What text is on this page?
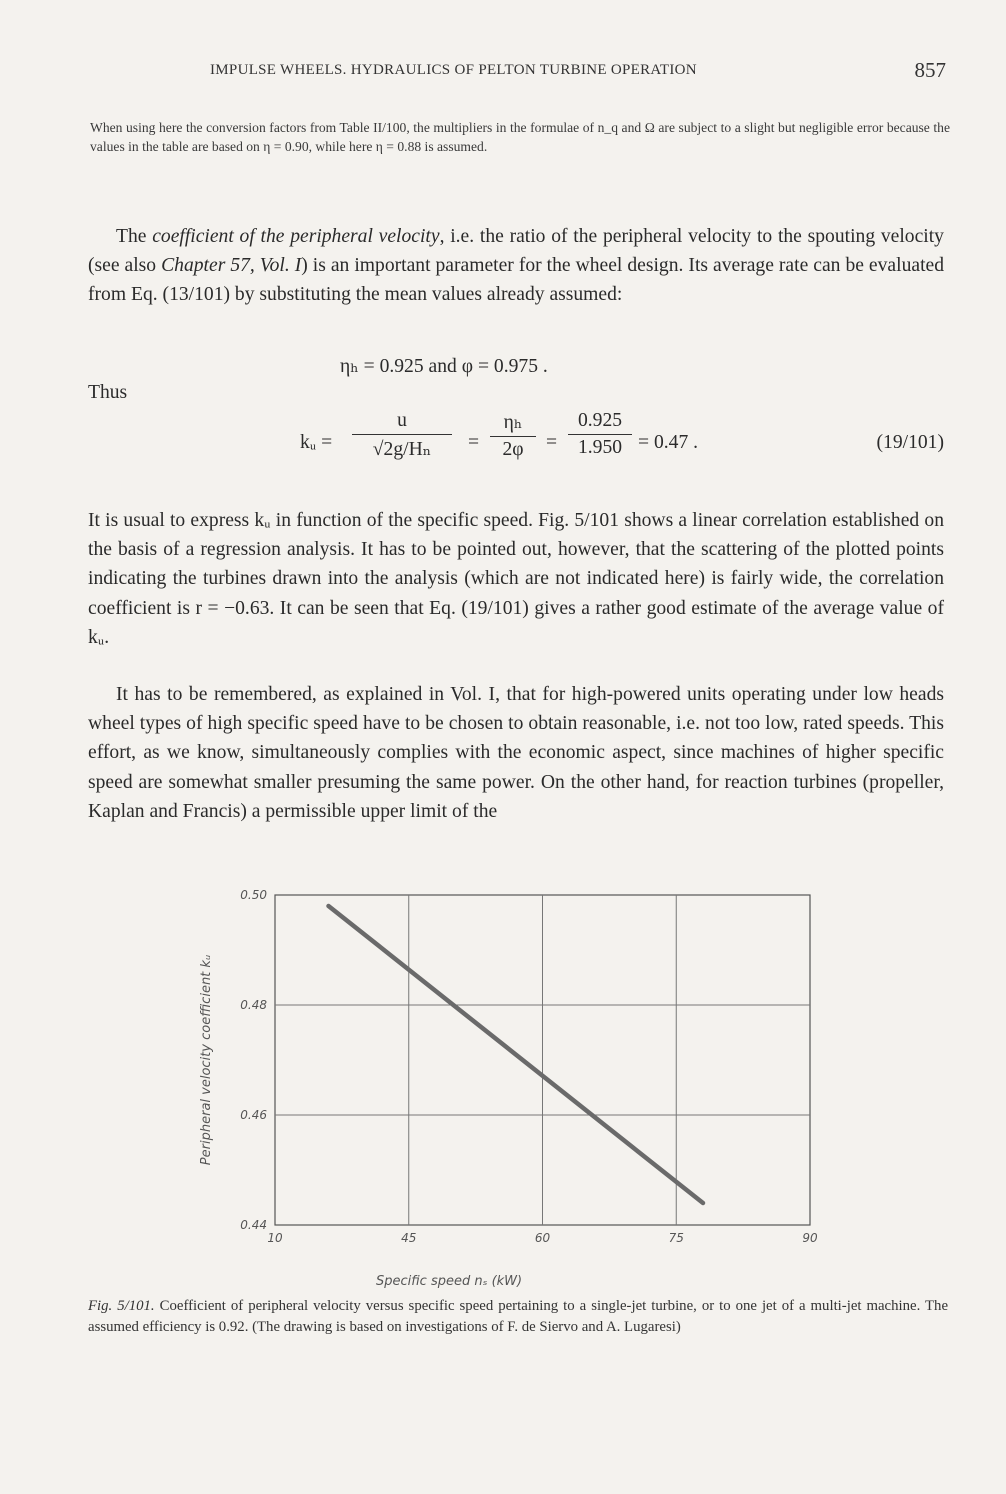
IMPULSE WHEELS. HYDRAULICS OF PELTON TURBINE OPERATION	857
When using here the conversion factors from Table II/100, the multipliers in the formulae of n_q and Ω are subject to a slight but negligible error because the values in the table are based on η = 0.90, while here η = 0.88 is assumed.

The coefficient of the peripheral velocity, i.e. the ratio of the peripheral velocity to the spouting velocity (see also Chapter 57, Vol. I) is an important parameter for the wheel design. Its average rate can be evaluated from Eq. (13/101) by substituting the mean values already assumed:

ηₕ = 0.925 and φ = 0.975 .
Thus
kᵤ =
u
√2g/Hₙ	=
ηₕ
2φ	=
0.925
1.950 = 0.47 .	(19/101)

It is usual to express kᵤ in function of the specific speed. Fig. 5/101 shows a linear correlation established on the basis of a regression analysis. It has to be pointed out, however, that the scattering of the plotted points indicating the turbines drawn into the analysis (which are not indicated here) is fairly wide, the correlation coefficient is r = −0.63. It can be seen that Eq. (19/101) gives a rather good estimate of the average value of kᵤ.

It has to be remembered, as explained in Vol. I, that for high-powered units operating under low heads wheel types of high specific speed have to be chosen to obtain reasonable, i.e. not too low, rated speeds. This effort, as we know, simultaneously complies with the economic aspect, since machines of higher specific speed are somewhat smaller presuming the same power. On the other hand, for reaction turbines (propeller, Kaplan and Francis) a permissible upper limit of the

10	45	60	75	90
0.50
0.48
0.46
0.44
Peripheral velocity coefficient kᵤ
Specific speed nₛ (kW)
Fig. 5/101. Coefficient of peripheral velocity versus specific speed pertaining to a single-jet turbine, or to one jet of a multi-jet machine. The assumed efficiency is 0.92. (The drawing is based on investigations of F. de Siervo and A. Lugaresi)
